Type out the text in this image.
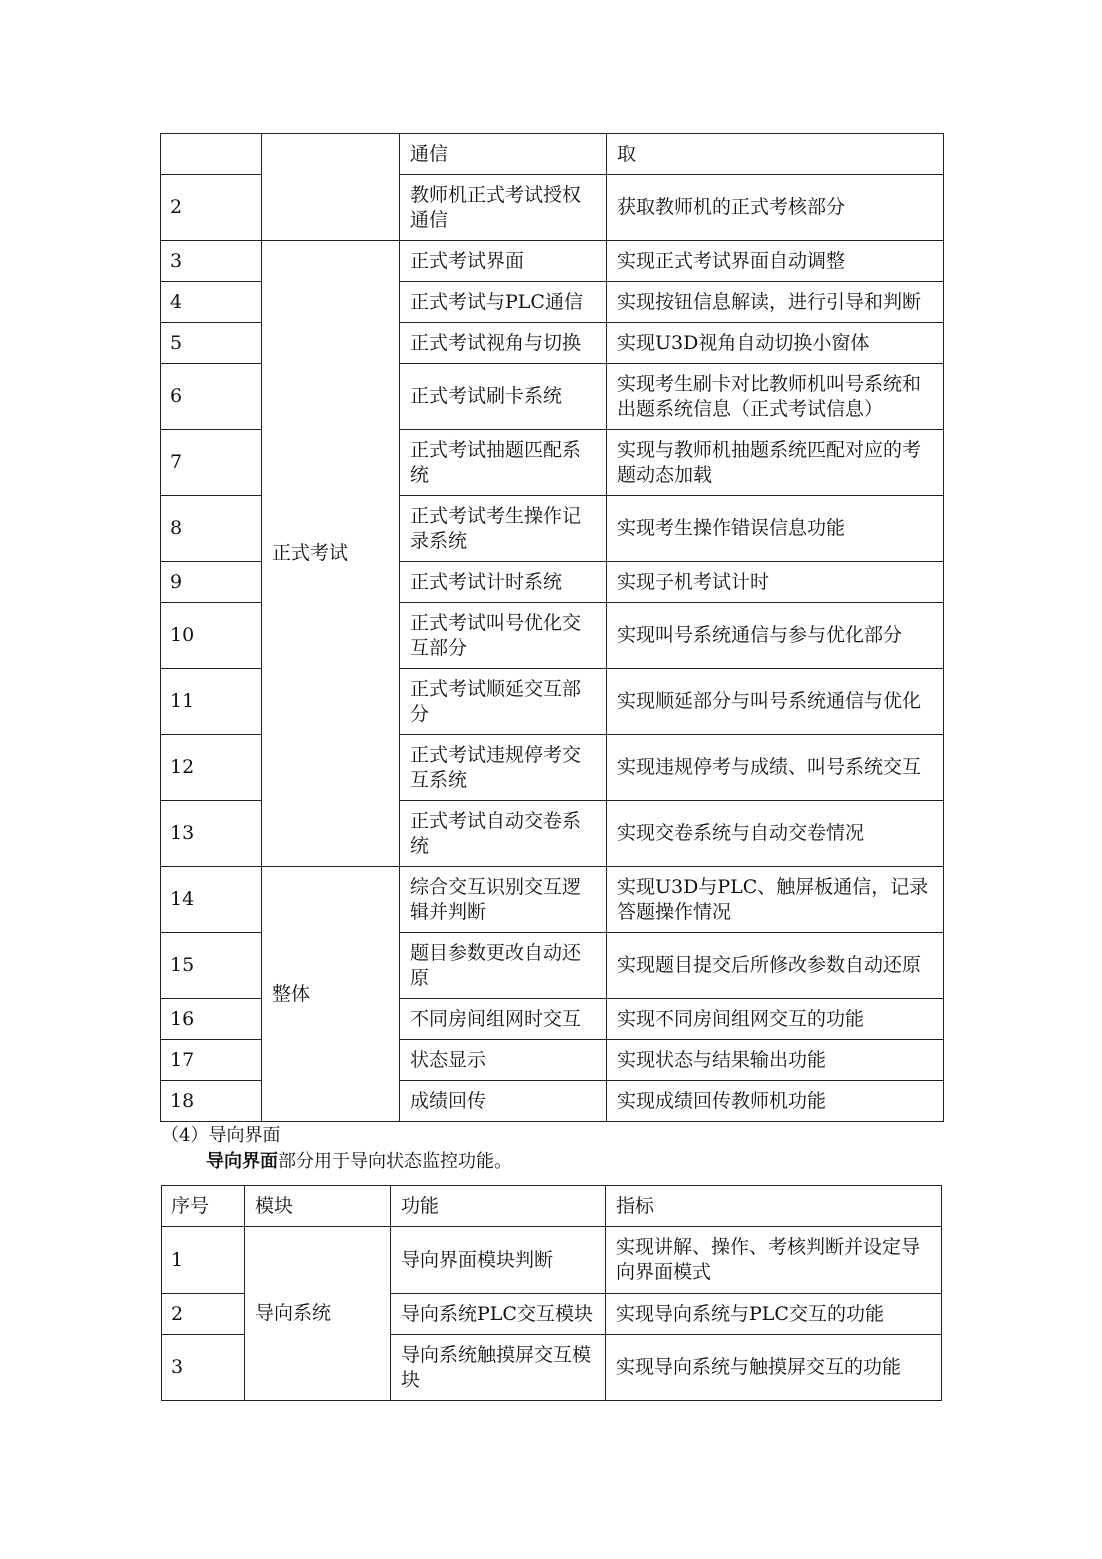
		通信	取
2		教师机正式考试授权通信	获取教师机的正式考核部分
3	正式考试	正式考试界面	实现正式考试界面自动调整
4		正式考试与PLC通信	实现按钮信息解读，进行引导和判断
5		正式考试视角与切换	实现U3D视角自动切换小窗体
6		正式考试刷卡系统	实现考生刷卡对比教师机叫号系统和出题系统信息（正式考试信息）
7		正式考试抽题匹配系统	实现与教师机抽题系统匹配对应的考题动态加载
8		正式考试考生操作记录系统	实现考生操作错误信息功能
9		正式考试计时系统	实现子机考试计时
10		正式考试叫号优化交互部分	实现叫号系统通信与参与优化部分
11		正式考试顺延交互部分	实现顺延部分与叫号系统通信与优化
12		正式考试违规停考交互系统	实现违规停考与成绩、叫号系统交互
13		正式考试自动交卷系统	实现交卷系统与自动交卷情况
14	整体	综合交互识别交互逻辑并判断	实现U3D与PLC、触屏板通信，记录答题操作情况
15		题目参数更改自动还原	实现题目提交后所修改参数自动还原
16		不同房间组网时交互	实现不同房间组网交互的功能
17		状态显示	实现状态与结果输出功能
18		成绩回传	实现成绩回传教师机功能
（4）导向界面
导向界面部分用于导向状态监控功能。
序号	模块	功能	指标
1	导向系统	导向界面模块判断	实现讲解、操作、考核判断并设定导向界面模式
2		导向系统PLC交互模块	实现导向系统与PLC交互的功能
3		导向系统触摸屏交互模块	实现导向系统与触摸屏交互的功能
